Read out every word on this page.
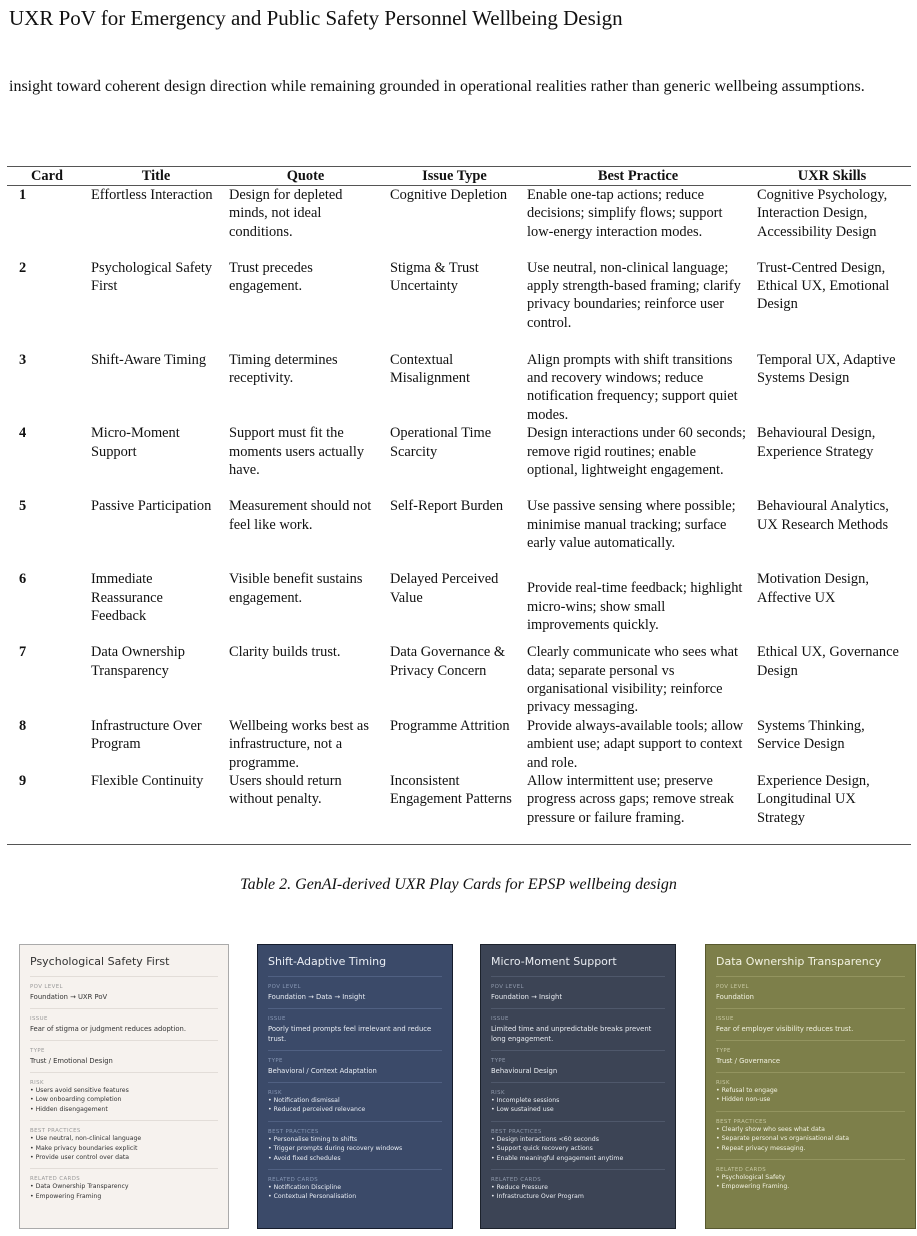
UXR PoV for Emergency and Public Safety Personnel Wellbeing Design
insight toward coherent design direction while remaining grounded in operational realities rather than generic wellbeing assumptions.
Card	Title	Quote	Issue Type	Best Practice	UXR Skills
1	Effortless Interaction	Design for depleted minds, not ideal conditions.	Cognitive Depletion	Enable one-tap actions; reduce decisions; simplify flows; support low-energy interaction modes.	Cognitive Psychology, Interaction Design, Accessibility Design
2	Psychological Safety First	Trust precedes engagement.	Stigma & Trust Uncertainty	Use neutral, non-clinical language; apply strength-based framing; clarify privacy boundaries; reinforce user control.	Trust-Centred Design, Ethical UX, Emotional Design
3	Shift-Aware Timing	Timing determines receptivity.	Contextual Misalignment	Align prompts with shift transitions and recovery windows; reduce notification frequency; support quiet modes.	Temporal UX, Adaptive Systems Design
4	Micro-Moment Support	Support must fit the moments users actually have.	Operational Time Scarcity	Design interactions under 60 seconds; remove rigid routines; enable optional, lightweight engagement.	Behavioural Design, Experience Strategy
5	Passive Participation	Measurement should not feel like work.	Self-Report Burden	Use passive sensing where possible; minimise manual tracking; surface early value automatically.	Behavioural Analytics, UX Research Methods
6	Immediate Reassurance Feedback	Visible benefit sustains engagement.	Delayed Perceived Value	Provide real-time feedback; highlight micro-wins; show small improvements quickly.	Motivation Design, Affective UX
7	Data Ownership Transparency	Clarity builds trust.	Data Governance & Privacy Concern	Clearly communicate who sees what data; separate personal vs organisational visibility; reinforce privacy messaging.	Ethical UX, Governance Design
8	Infrastructure Over Program	Wellbeing works best as infrastructure, not a programme.	Programme Attrition	Provide always-available tools; allow ambient use; adapt support to context and role.	Systems Thinking, Service Design
9	Flexible Continuity	Users should return without penalty.	Inconsistent Engagement Patterns	Allow intermittent use; preserve progress across gaps; remove streak pressure or failure framing.	Experience Design, Longitudinal UX Strategy
Table 2. GenAI-derived UXR Play Cards for EPSP wellbeing design
Psychological Safety First
POV LEVEL
Foundation → UXR PoV
ISSUE
Fear of stigma or judgment reduces adoption.
TYPE
Trust / Emotional Design
RISK
• Users avoid sensitive features
• Low onboarding completion
• Hidden disengagement
BEST PRACTICES
• Use neutral, non-clinical language
• Make privacy boundaries explicit
• Provide user control over data
RELATED CARDS
• Data Ownership Transparency
• Empowering Framing
Shift-Adaptive Timing
POV LEVEL
Foundation → Data → Insight
ISSUE
Poorly timed prompts feel irrelevant and reduce trust.
TYPE
Behavioral / Context Adaptation
RISK
• Notification dismissal
• Reduced perceived relevance
BEST PRACTICES
• Personalise timing to shifts
• Trigger prompts during recovery windows
• Avoid fixed schedules
RELATED CARDS
• Notification Discipline
• Contextual Personalisation
Micro-Moment Support
POV LEVEL
Foundation → Insight
ISSUE
Limited time and unpredictable breaks prevent long engagement.
TYPE
Behavioural Design
RISK
• Incomplete sessions
• Low sustained use
BEST PRACTICES
• Design interactions <60 seconds
• Support quick recovery actions
• Enable meaningful engagement anytime
RELATED CARDS
• Reduce Pressure
• Infrastructure Over Program
Data Ownership Transparency
POV LEVEL
Foundation
ISSUE
Fear of employer visibility reduces trust.
TYPE
Trust / Governance
RISK
• Refusal to engage
• Hidden non-use
BEST PRACTICES
• Clearly show who sees what data
• Separate personal vs organisational data
• Repeat privacy messaging.
RELATED CARDS
• Psychological Safety
• Empowering Framing.
